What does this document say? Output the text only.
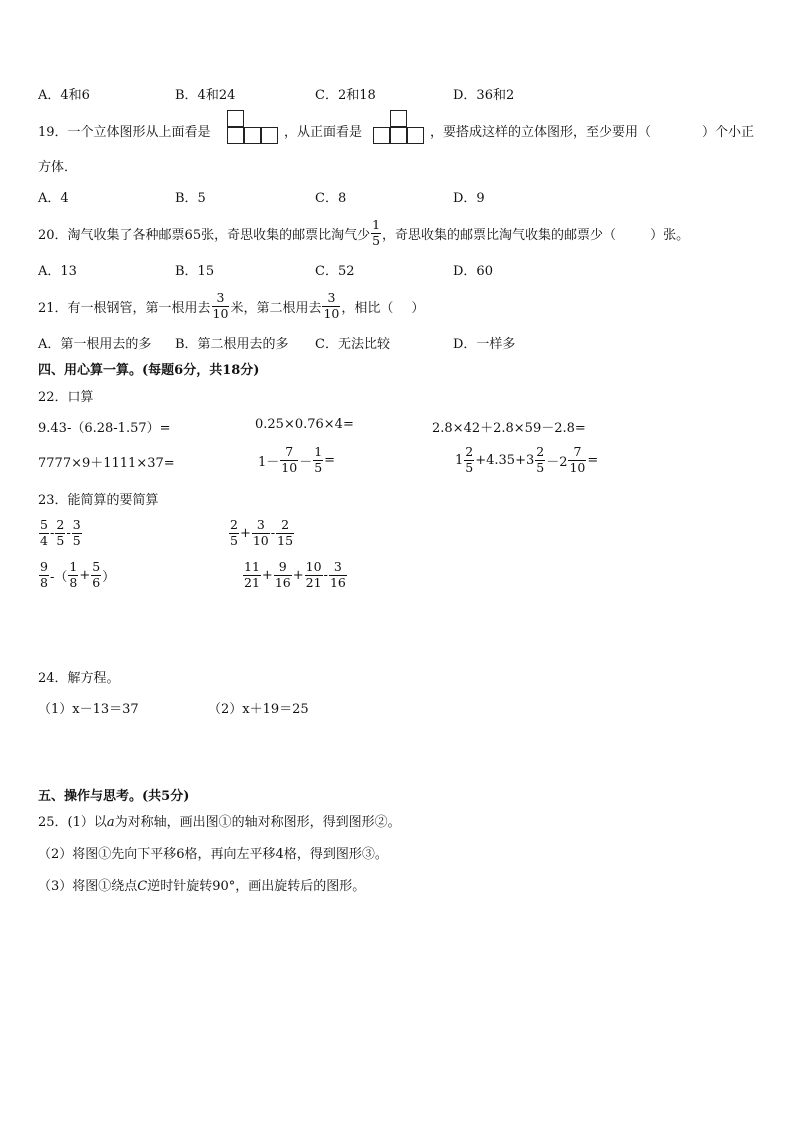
A．4和6	B．4和24	C．2和18	D．36和2
19．一个立体图形从上面看是	，从正面看是	，要搭成这样的立体图形，至少要用（	）个小正
方体．
A．4	B．5	C．8	D．9
20．淘气收集了各种邮票65张，奇思收集的邮票比淘气少 $\frac{1}{5}$ ，奇思收集的邮票比淘气收集的邮票少（	）张。
A．13	B．15	C．52	D．60
21．有一根钢管，第一根用去 $\frac{3}{10}$ 米，第二根用去 $\frac{3}{10}$ ，相比（ ）
A．第一根用去的多 B．第二根用去的多 C．无法比较	D．一样多
四、用心算一算。(每题6分，共18分)
22．口算
9.43-（6.28-1.57）=	0.25×0.76×4=	2.8×42＋2.8×59－2.8=
7777×9＋1111×37=	$1- \frac{7}{10} - \frac{1}{5}$ =	$1 \frac{2}{5} +4.35+3 \frac{2}{5} -2 \frac{7}{10}$ =
23．能简算的要简算
$\frac{5}{4} - \frac{2}{5} - \frac{3}{5}$	$\frac{2}{5} + \frac{3}{10} - \frac{2}{15}$
$\frac{9}{8}$ -（ $\frac{1}{8} + \frac{5}{6}$ ）	$\frac{11}{21} + \frac{9}{16} + \frac{10}{21} - \frac{3}{16}$
24．解方程。
（1）x－13＝37	（2）x＋19＝25
五、操作与思考。(共5分)
25．(1）以a为对称轴，画出图①的轴对称图形，得到图形②。
（2）将图①先向下平移6格，再向左平移4格，得到图形③。
（3）将图①绕点C逆时针旋转90°，画出旋转后的图形。
